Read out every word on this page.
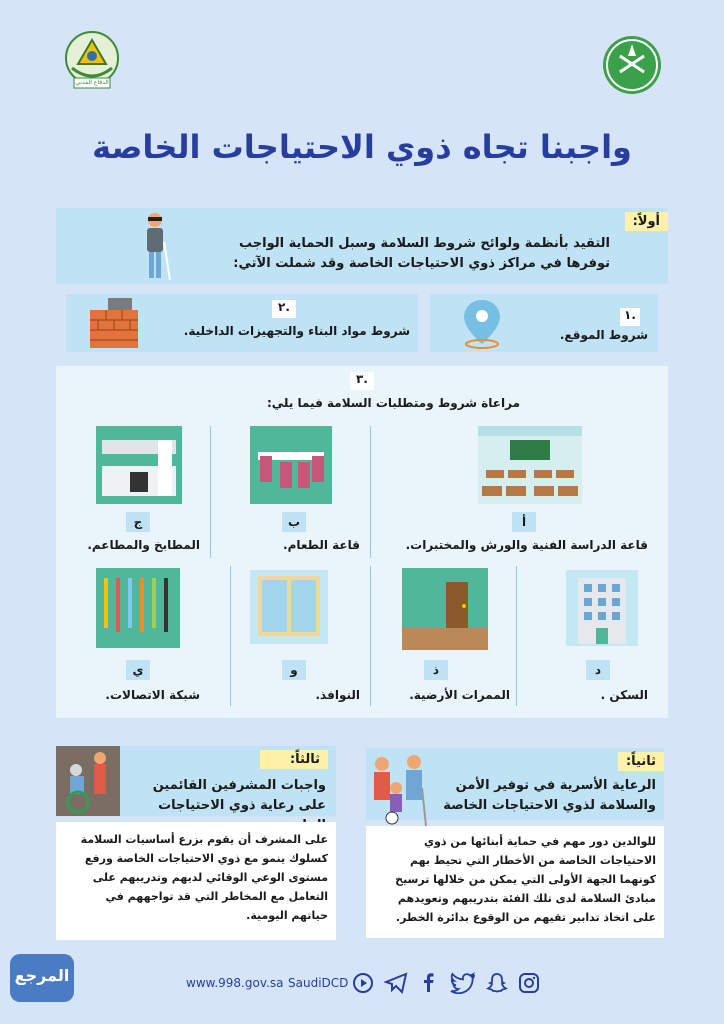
الدفاع المدني
واجبنا تجاه ذوي الاحتياجات الخاصة
أولاً:
التقيد بأنظمة ولوائح شروط السلامة وسبل الحماية الواجب توفرها في مراكز ذوي الاحتياجات الخاصة وقد شملت الآتي:
٢.
شروط مواد البناء والتجهيزات الداخلية.
١.
شروط الموقع.
٣.
مراعاة شروط ومتطلبات السلامة فيما يلي:
أ
قاعة الدراسة الفنية والورش والمختبرات.
ب
قاعة الطعام.
ج
المطابخ والمطاعم.
د
السكن .
ذ
الممرات الأرضية.
و
النوافذ.
ي
شبكة الاتصالات.
ثانياً:
الرعاية الأسرية في توفير الأمن والسلامة لذوي الاحتياجات الخاصة
للوالدين دور مهم في حماية أبنائها من ذوي الاحتياجات الخاصة من الأخطار التي تحيط بهم كونهما الجهة الأولى التي يمكن من خلالها ترسيخ مبادئ السلامة لدى تلك الفئة بتدريبهم وتعويدهم على اتخاذ تدابير تقيهم من الوقوع بدائرة الخطر.
ثالثاً:
واجبات المشرفين القائمين على رعاية ذوي الاحتياجات
على المشرف أن يقوم بزرع أساسيات السلامة كسلوك ينمو مع ذوي الاحتياجات الخاصة ورفع مستوى الوعي الوقائي لديهم وتدريبهم على التعامل مع المخاطر التي قد تواجههم في حياتهم اليومية.
المرجع	www.998.gov.sa SaudiDCD
